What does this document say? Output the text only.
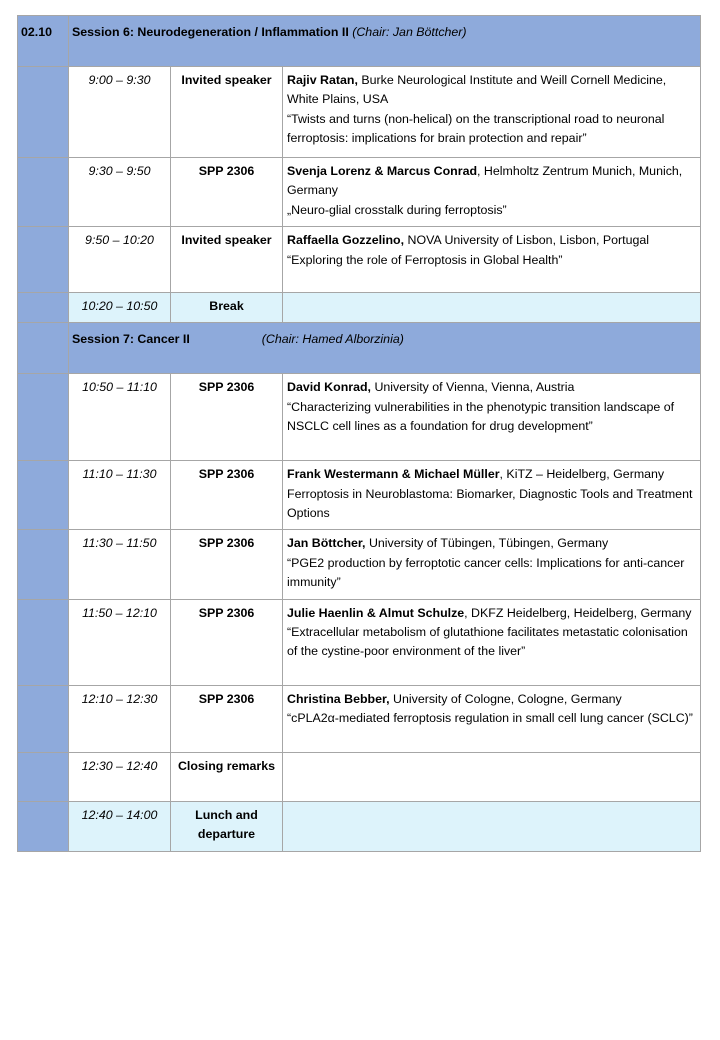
02.10	Session 6: Neurodegeneration / Inflammation II (Chair: Jan Böttcher)		
	9:00 – 9:30	Invited speaker	Rajiv Ratan, Burke Neurological Institute and Weill Cornell Medicine, White Plains, USA
“Twists and turns (non-helical) on the transcriptional road to neuronal ferroptosis: implications for brain protection and repair”
	9:30 – 9:50	SPP 2306	Svenja Lorenz & Marcus Conrad, Helmholtz Zentrum Munich, Munich, Germany
„Neuro-glial crosstalk during ferroptosis”
	9:50 – 10:20	Invited speaker	Raffaella Gozzelino, NOVA University of Lisbon, Lisbon, Portugal
“Exploring the role of Ferroptosis in Global Health”
	10:20 – 10:50	Break	
	Session 7: Cancer II (Chair: Hamed Alborzinia)		
	10:50 – 11:10	SPP 2306	David Konrad, University of Vienna, Vienna, Austria
“Characterizing vulnerabilities in the phenotypic transition landscape of NSCLC cell lines as a foundation for drug development”
	11:10 – 11:30	SPP 2306	Frank Westermann & Michael Müller, KiTZ – Heidelberg, Germany
Ferroptosis in Neuroblastoma: Biomarker, Diagnostic Tools and Treatment Options
	11:30 – 11:50	SPP 2306	Jan Böttcher, University of Tübingen, Tübingen, Germany
“PGE2 production by ferroptotic cancer cells: Implications for anti-cancer immunity”
	11:50 – 12:10	SPP 2306	Julie Haenlin & Almut Schulze, DKFZ Heidelberg, Heidelberg, Germany
“Extracellular metabolism of glutathione facilitates metastatic colonisation of the cystine-poor environment of the liver”
	12:10 – 12:30	SPP 2306	Christina Bebber, University of Cologne, Cologne, Germany
“cPLA2α-mediated ferroptosis regulation in small cell lung cancer (SCLC)”
	12:30 – 12:40	Closing remarks	
	12:40 – 14:00	Lunch and departure	
